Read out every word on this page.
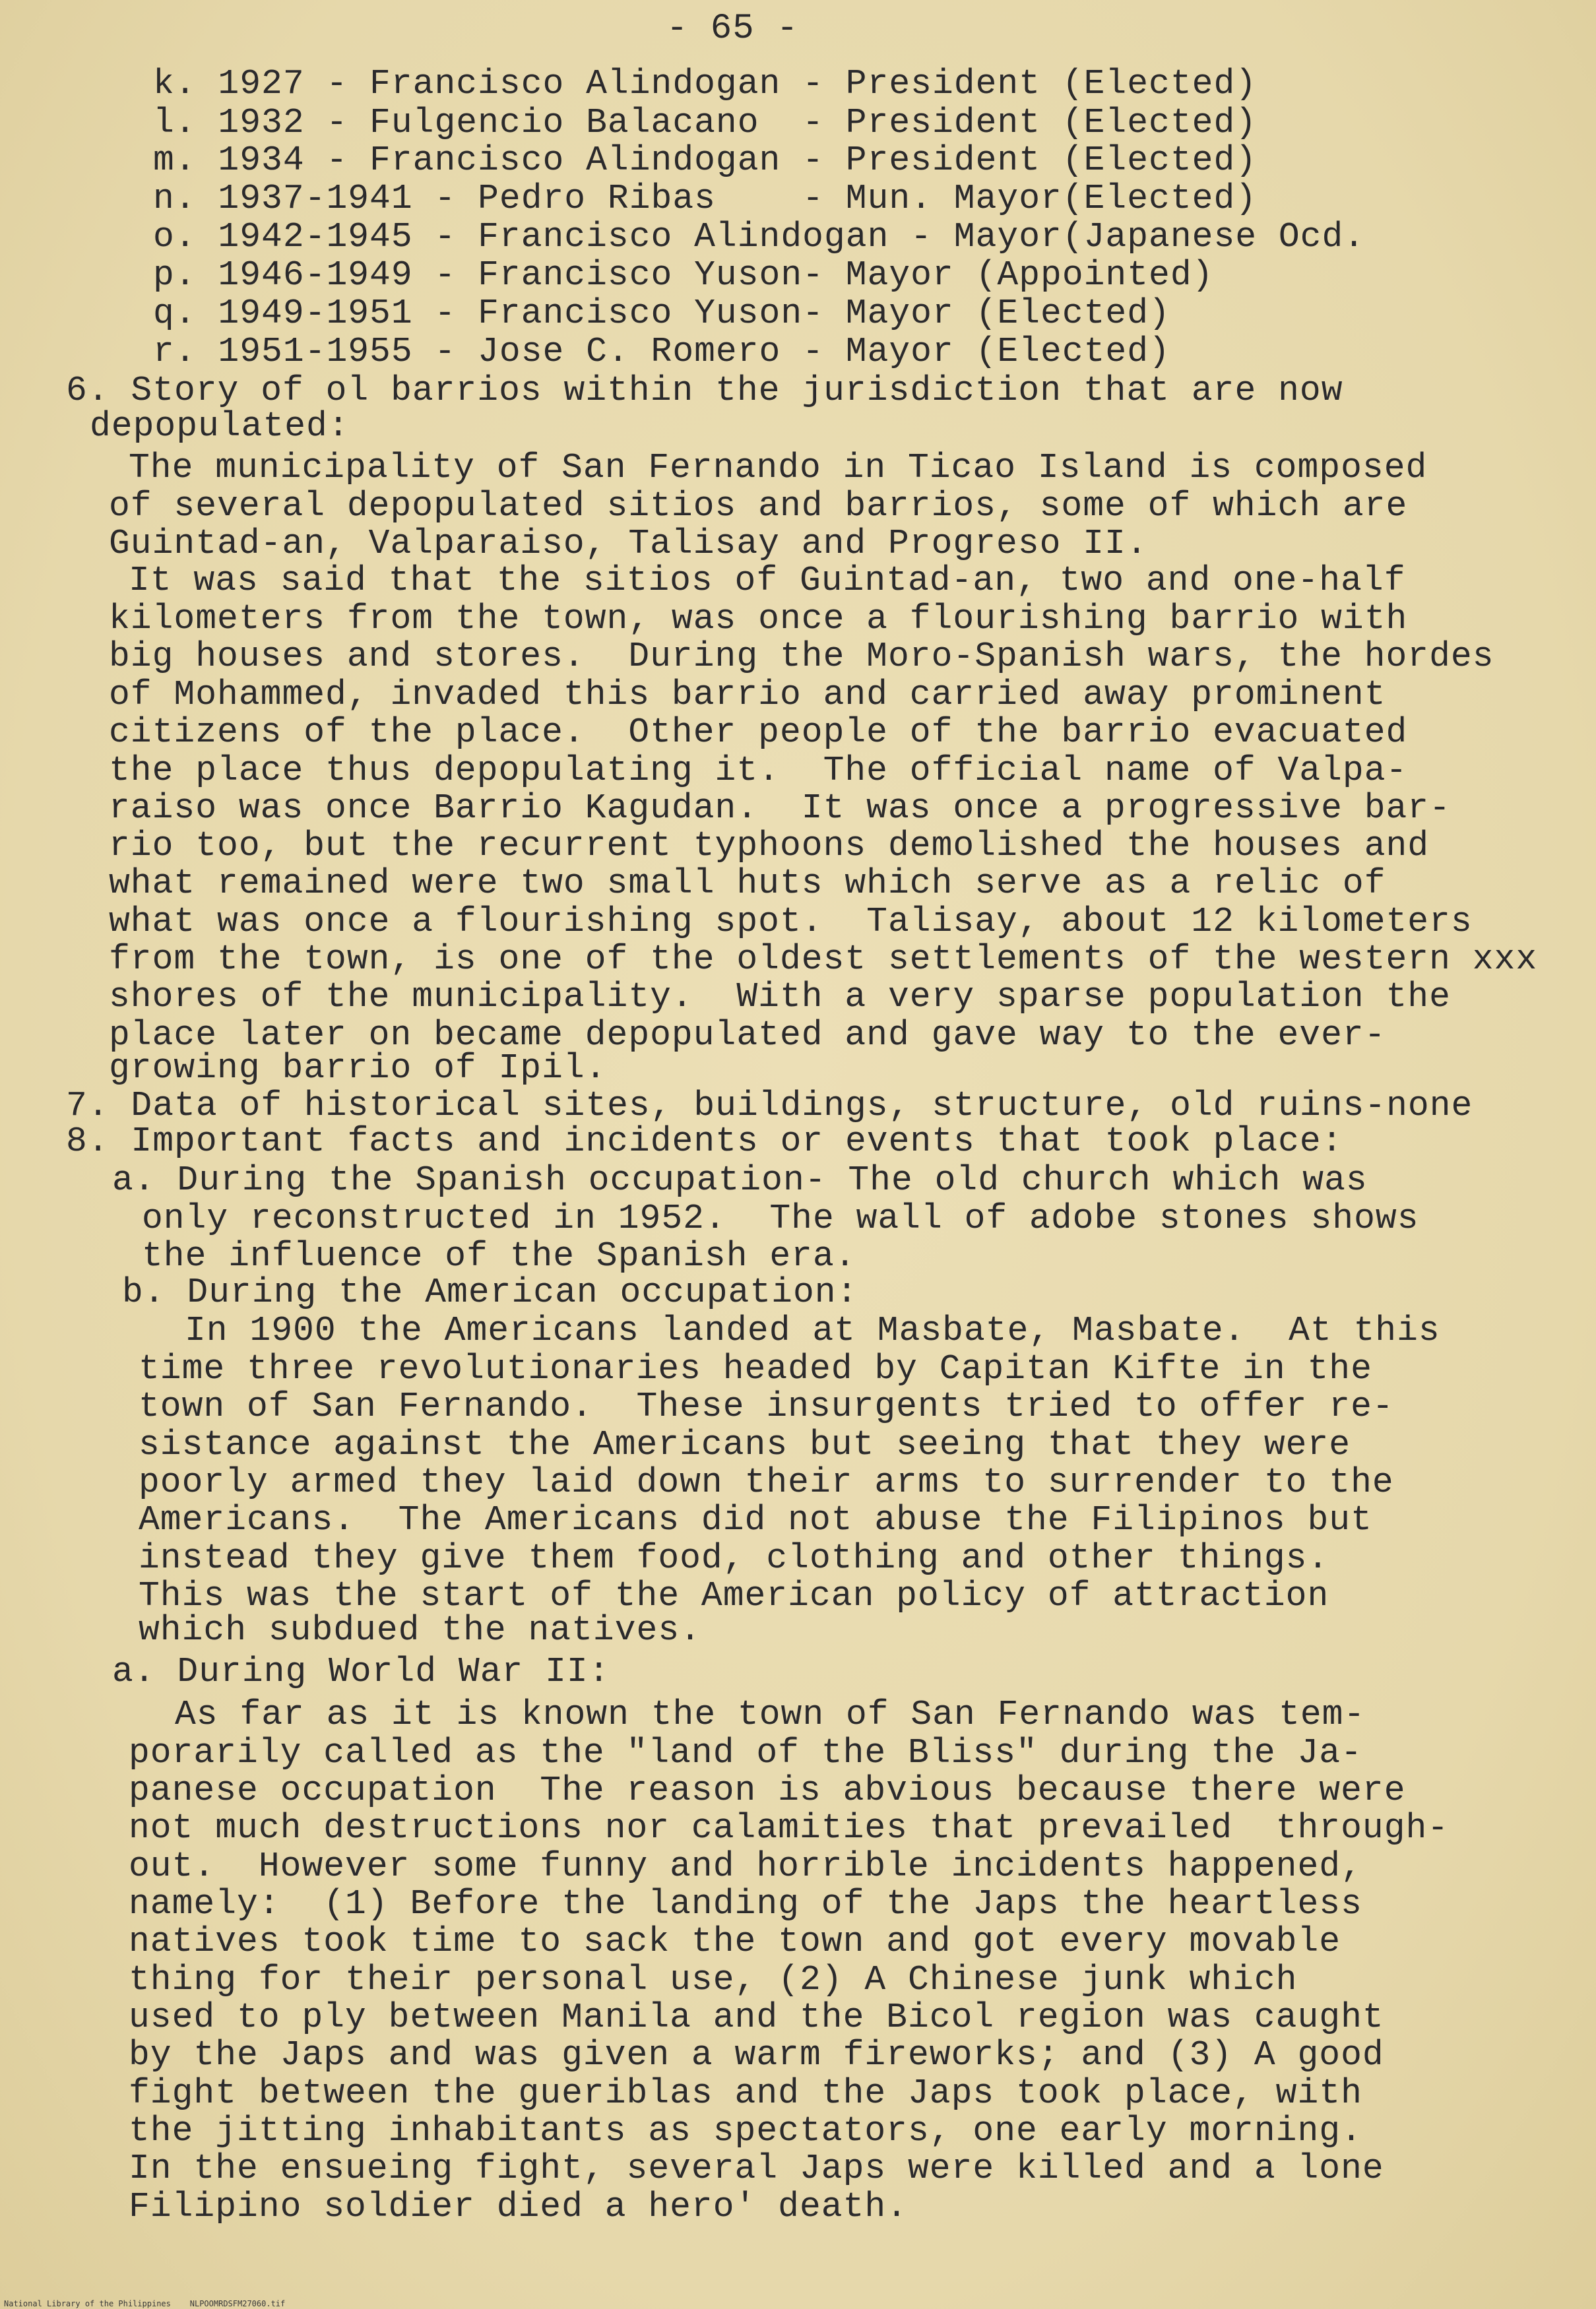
- 65 -
k. 1927 - Francisco Alindogan - President (Elected)
l. 1932 - Fulgencio Balacano  - President (Elected)
m. 1934 - Francisco Alindogan - President (Elected)
n. 1937-1941 - Pedro Ribas    - Mun. Mayor(Elected)
o. 1942-1945 - Francisco Alindogan - Mayor(Japanese Ocd.
p. 1946-1949 - Francisco Yuson- Mayor (Appointed)
q. 1949-1951 - Francisco Yuson- Mayor (Elected)
r. 1951-1955 - Jose C. Romero - Mayor (Elected)
6. Story of ol barrios within the jurisdiction that are now
depopulated:
The municipality of San Fernando in Ticao Island is composed
of several depopulated sitios and barrios, some of which are
Guintad-an, Valparaiso, Talisay and Progreso II.
It was said that the sitios of Guintad-an, two and one-half
kilometers from the town, was once a flourishing barrio with
big houses and stores.  During the Moro-Spanish wars, the hordes
of Mohammed, invaded this barrio and carried away prominent
citizens of the place.  Other people of the barrio evacuated
the place thus depopulating it.  The official name of Valpa-
raiso was once Barrio Kagudan.  It was once a progressive bar-
rio too, but the recurrent typhoons demolished the houses and
what remained were two small huts which serve as a relic of
what was once a flourishing spot.  Talisay, about 12 kilometers
from the town, is one of the oldest settlements of the western xxx
shores of the municipality.  With a very sparse population the
place later on became depopulated and gave way to the ever-
growing barrio of Ipil.
7. Data of historical sites, buildings, structure, old ruins-none
8. Important facts and incidents or events that took place:
a. During the Spanish occupation- The old church which was
only reconstructed in 1952.  The wall of adobe stones shows
the influence of the Spanish era.
b. During the American occupation:
In 1900 the Americans landed at Masbate, Masbate.  At this
time three revolutionaries headed by Capitan Kifte in the
town of San Fernando.  These insurgents tried to offer re-
sistance against the Americans but seeing that they were
poorly armed they laid down their arms to surrender to the
Americans.  The Americans did not abuse the Filipinos but
instead they give them food, clothing and other things.
This was the start of the American policy of attraction
which subdued the natives.
a. During World War II:
As far as it is known the town of San Fernando was tem-
porarily called as the "land of the Bliss" during the Ja-
panese occupation  The reason is abvious because there were
not much destructions nor calamities that prevailed  through-
out.  However some funny and horrible incidents happened,
namely:  (1) Before the landing of the Japs the heartless
natives took time to sack the town and got every movable
thing for their personal use, (2) A Chinese junk which
used to ply between Manila and the Bicol region was caught
by the Japs and was given a warm fireworks; and (3) A good
fight between the gueriblas and the Japs took place, with
the jitting inhabitants as spectators, one early morning.
In the ensueing fight, several Japs were killed and a lone
Filipino soldier died a hero' death.
National Library of the Philippines    NLPOOMRDSFM27060.tif
